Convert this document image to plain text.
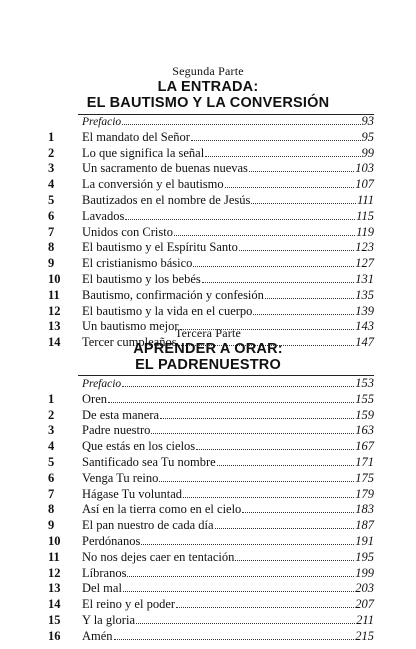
Segunda Parte
LA ENTRADA:
EL BAUTISMO Y LA CONVERSIÓN
Prefacio	93
1	El mandato del Señor	95
2	Lo que significa la señal	99
3	Un sacramento de buenas nuevas	103
4	La conversión y el bautismo	107
5	Bautizados en el nombre de Jesús	111
6	Lavados	115
7	Unidos con Cristo	119
8	El bautismo y el Espíritu Santo	123
9	El cristianismo básico	127
10	El bautismo y los bebés	131
11	Bautismo, confirmación y confesión	135
12	El bautismo y la vida en el cuerpo	139
13	Un bautismo mejor	143
14	Tercer cumpleaños	147
Tercera Parte
APRENDER A ORAR:
EL PADRENUESTRO
Prefacio	153
1	Oren	155
2	De esta manera	159
3	Padre nuestro	163
4	Que estás en los cielos	167
5	Santificado sea Tu nombre	171
6	Venga Tu reino	175
7	Hágase Tu voluntad	179
8	Así en la tierra como en el cielo	183
9	El pan nuestro de cada día	187
10	Perdónanos	191
11	No nos dejes caer en tentación	195
12	Líbranos	199
13	Del mal	203
14	El reino y el poder	207
15	Y la gloria	211
16	Amén	215
